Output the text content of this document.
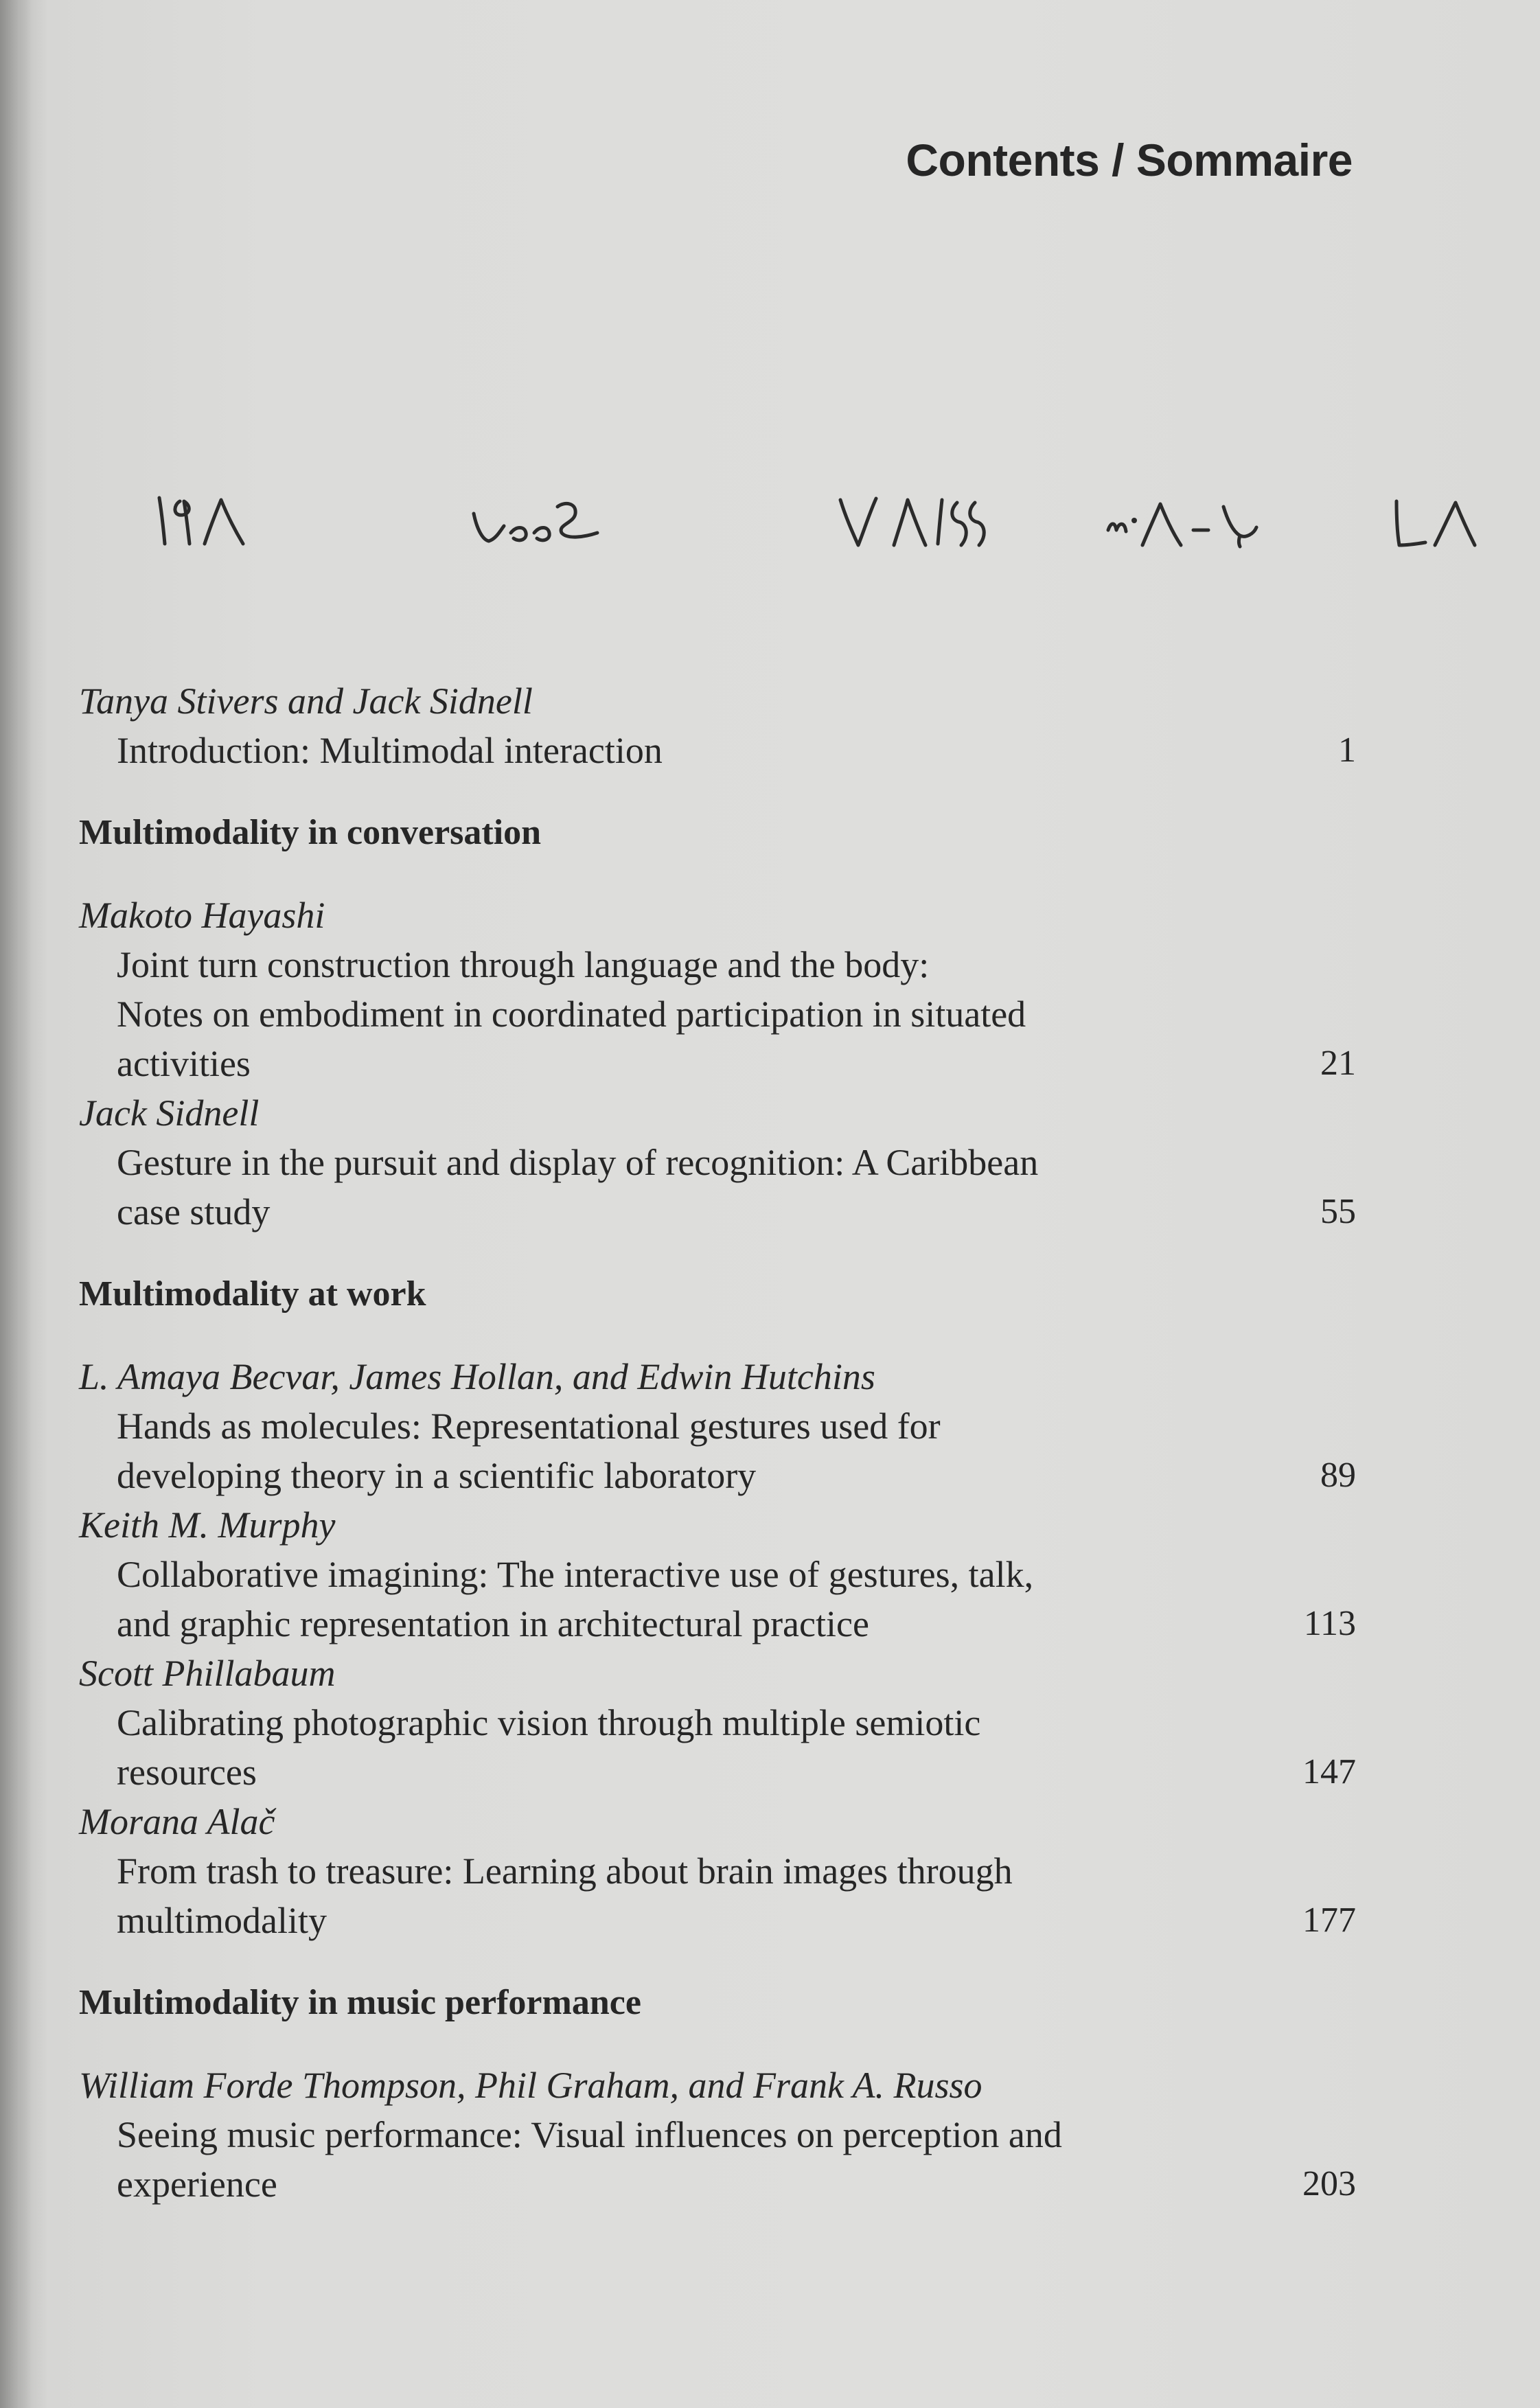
Contents / Sommaire
Tanya Stivers and Jack Sidnell
Introduction: Multimodal interaction	1
Multimodality in conversation
Makoto Hayashi
Joint turn construction through language and the body:
Notes on embodiment in coordinated participation in situated
activities	21
Jack Sidnell
Gesture in the pursuit and display of recognition: A Caribbean
case study	55
Multimodality at work
L. Amaya Becvar, James Hollan, and Edwin Hutchins
Hands as molecules: Representational gestures used for
developing theory in a scientific laboratory	89
Keith M. Murphy
Collaborative imagining: The interactive use of gestures, talk,
and graphic representation in architectural practice	113
Scott Phillabaum
Calibrating photographic vision through multiple semiotic
resources	147
Morana Alač
From trash to treasure: Learning about brain images through
multimodality	177
Multimodality in music performance
William Forde Thompson, Phil Graham, and Frank A. Russo
Seeing music performance: Visual influences on perception and
experience	203
